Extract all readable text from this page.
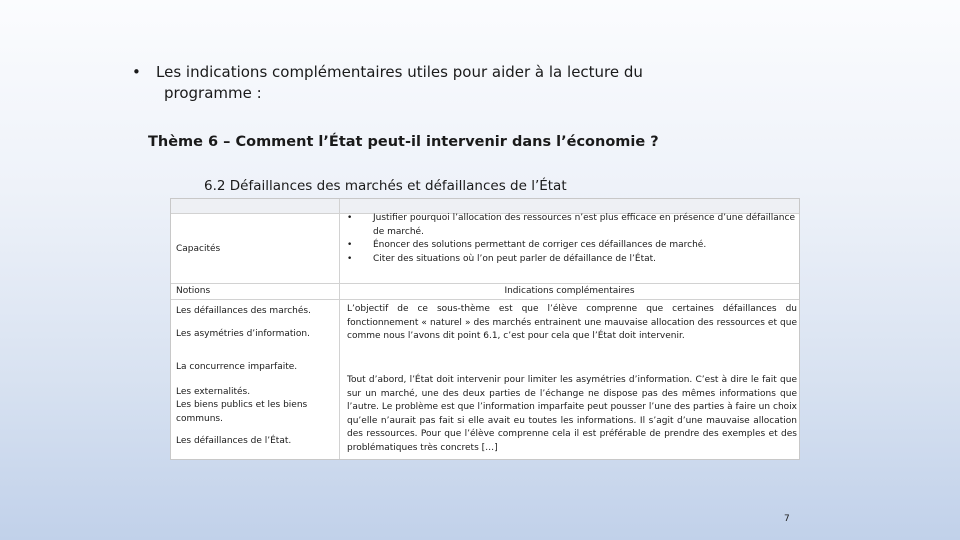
• Les indications complémentaires utiles pour aider à la lecture du
programme :
Thème 6 – Comment l’État peut-il intervenir dans l’économie ?
6.2 Défaillances des marchés et défaillances de l’État
Capacités
• Justifier pourquoi l’allocation des ressources n’est plus efficace en présence d’une défaillance de marché.
• Énoncer des solutions permettant de corriger ces défaillances de marché.
• Citer des situations où l’on peut parler de défaillance de l’État.
Notions	Indications complémentaires
Les défaillances des marchés.
Les asymétries d’information.
La concurrence imparfaite.
Les externalités.
Les biens publics et les biens communs.
Les défaillances de l’État.
L’objectif de ce sous-thème est que l’élève comprenne que certaines défaillances du fonctionnement « naturel » des marchés entrainent une mauvaise allocation des ressources et que comme nous l’avons dit point 6.1, c’est pour cela que l’État doit intervenir.
Tout d’abord, l’État doit intervenir pour limiter les asymétries d’information. C’est à dire le fait que sur un marché, une des deux parties de l’échange ne dispose pas des mêmes informations que l’autre. Le problème est que l’information imparfaite peut pousser l’une des parties à faire un choix qu’elle n’aurait pas fait si elle avait eu toutes les informations. Il s’agit d’une mauvaise allocation des ressources. Pour que l’élève comprenne cela il est préférable de prendre des exemples et des problématiques très concrets […]
7
